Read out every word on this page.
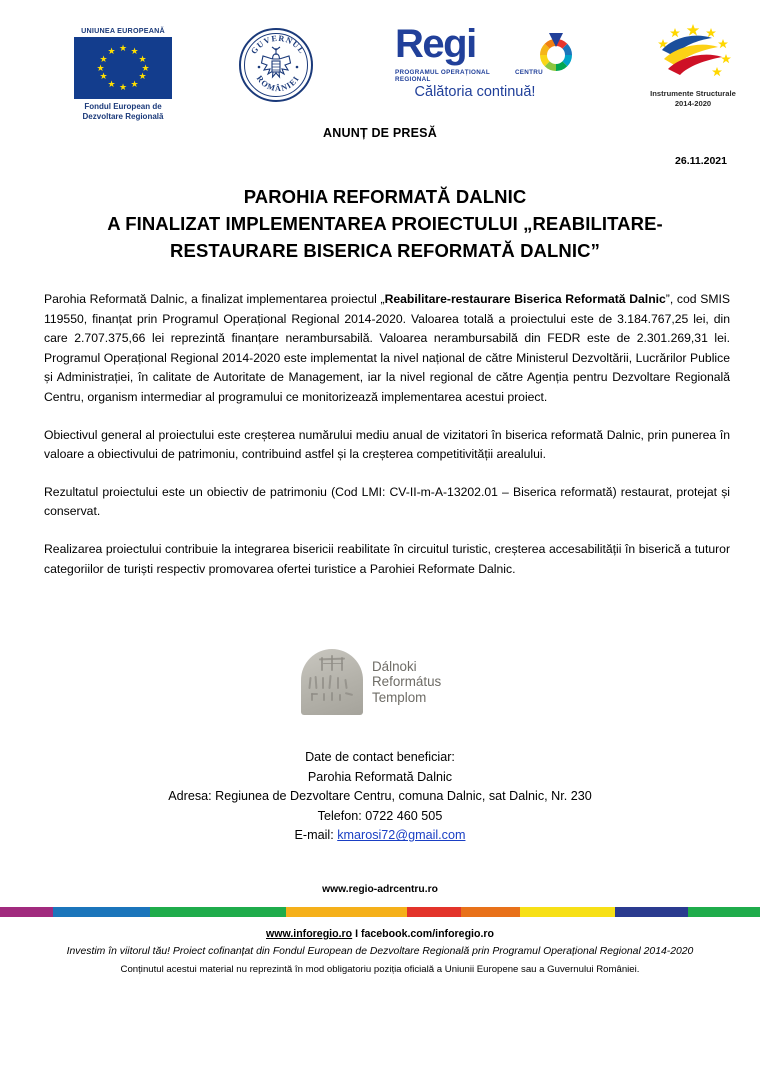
UNIUNEA EUROPEANĂ
★ ★
★
★
★
★
★
★
★
★
★
★
Fondul European de
Dezvoltare Regională
GUVERNUL
ROMÂNIEI
Regi
PROGRAMUL OPERAȚIONAL REGIONAL
CENTRU
Călătoria continuă!	Instrumente Structurale
2014-2020
ANUNȚ DE PRESĂ
26.11.2021
PAROHIA REFORMATĂ DALNIC
A FINALIZAT IMPLEMENTAREA PROIECTULUI „REABILITARE-
RESTAURARE BISERICA REFORMATĂ DALNIC”

Parohia Reformată Dalnic, a finalizat implementarea proiectul „Reabilitare-restaurare Biserica Reformată Dalnic”, cod SMIS 119550, finanțat prin Programul Operațional Regional 2014-2020. Valoarea totală a proiectului este de 3.184.767,25 lei, din care 2.707.375,66 lei reprezintă finanțare nerambursabilă. Valoarea nerambursabilă din FEDR este de 2.301.269,31 lei. Programul Operațional Regional 2014-2020 este implementat la nivel național de către Ministerul Dezvoltării, Lucrărilor Publice și Administrației, în calitate de Autoritate de Management, iar la nivel regional de către Agenția pentru Dezvoltare Regională Centru, organism intermediar al programului ce monitorizează implementarea acestui proiect.

Obiectivul general al proiectului este creșterea numărului mediu anual de vizitatori în biserica reformată Dalnic, prin punerea în valoare a obiectivului de patrimoniu, contribuind astfel și la creșterea competitivității arealului.

Rezultatul proiectului este un obiectiv de patrimoniu (Cod LMI: CV-II-m-A-13202.01 – Biserica reformată) restaurat, protejat și conservat.

Realizarea proiectului contribuie la integrarea bisericii reabilitate în circuitul turistic, creșterea accesabilității în biserică a tuturor categoriilor de turiști respectiv promovarea ofertei turistice a Parohiei Reformate Dalnic.

Dálnoki
Református
Templom
Date de contact beneficiar:
Parohia Reformată Dalnic
Adresa: Regiunea de Dezvoltare Centru, comuna Dalnic, sat Dalnic, Nr. 230
Telefon: 0722 460 505
E-mail: kmarosi72@gmail.com
www.regio-adrcentru.ro
www.inforegio.ro I facebook.com/inforegio.ro
Investim în viitorul tău! Proiect cofinanțat din Fondul European de Dezvoltare Regională prin Programul Operațional Regional 2014-2020
Conținutul acestui material nu reprezintă în mod obligatoriu poziția oficială a Uniunii Europene sau a Guvernului României.
